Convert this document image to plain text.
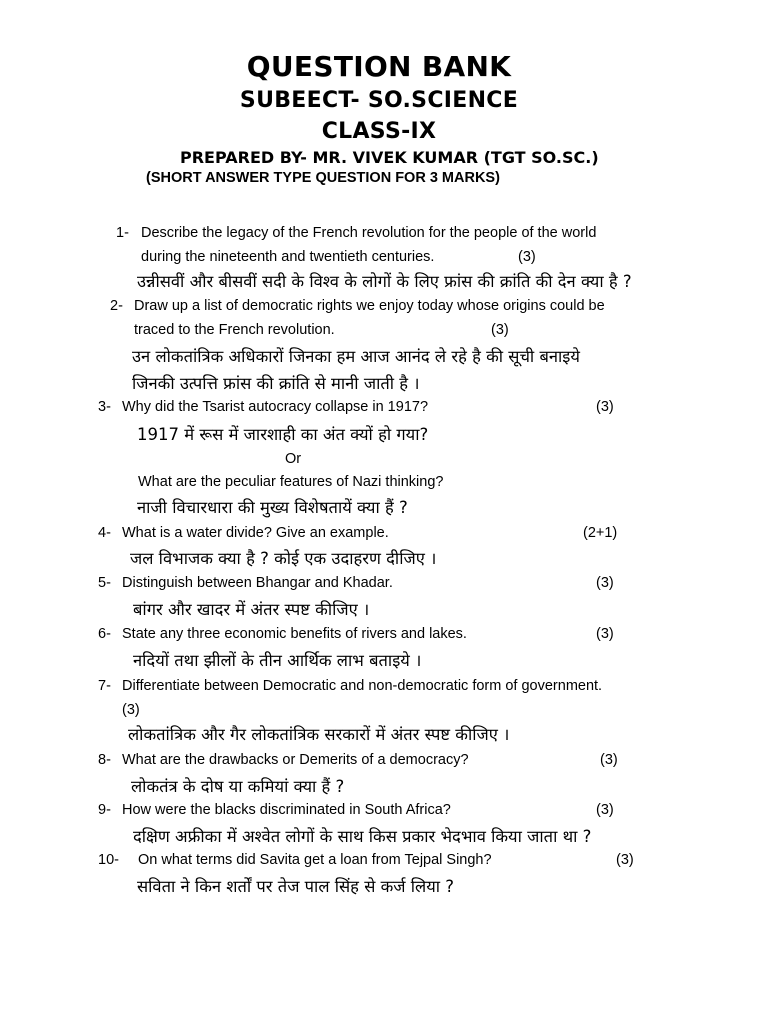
QUESTION BANK
SUBEECT- SO.SCIENCE
CLASS-IX
PREPARED BY- MR. VIVEK KUMAR (TGT SO.SC.)
(SHORT ANSWER TYPE QUESTION FOR 3 MARKS)
1- Describe the legacy of the French revolution for the people of the world
during the nineteenth and twentieth centuries.	(3)
उन्नीसवीं और बीसवीं सदी के विश्व के लोगों के लिए फ्रांस की क्रांति की देन क्या है ?
2- Draw up a list of democratic rights we enjoy today whose origins could be
traced to the French revolution.	(3)
उन लोकतांत्रिक अधिकारों जिनका हम आज आनंद ले रहे है की सूची बनाइये
जिनकी उत्पत्ति फ्रांस की क्रांति से मानी जाती है ।
3- Why did the Tsarist autocracy collapse in 1917?	(3)
1917 में रूस में जारशाही का अंत क्यों हो गया?
Or
What are the peculiar features of Nazi thinking?
नाजी विचारधारा की मुख्य विशेषतायें क्या हैं ?
4- What is a water divide? Give an example.	(2+1)
जल विभाजक क्या है ? कोई एक उदाहरण दीजिए ।
5- Distinguish between Bhangar and Khadar.	(3)
बांगर और खादर में अंतर स्पष्ट कीजिए ।
6- State any three economic benefits of rivers and lakes.	(3)
नदियों तथा झीलों के तीन आर्थिक लाभ बताइये ।
7- Differentiate between Democratic and non-democratic form of government.
(3)
लोकतांत्रिक और गैर लोकतांत्रिक सरकारों में अंतर स्पष्ट कीजिए ।
8- What are the drawbacks or Demerits of a democracy?	(3)
लोकतंत्र के दोष या कमियां क्या हैं ?
9- How were the blacks discriminated in South Africa?	(3)
दक्षिण अफ्रीका में अश्वेत लोगों के साथ किस प्रकार भेदभाव किया जाता था ?
10- On what terms did Savita get a loan from Tejpal Singh?	(3)
सविता ने किन शर्तों पर तेज पाल सिंह से कर्ज लिया ?
